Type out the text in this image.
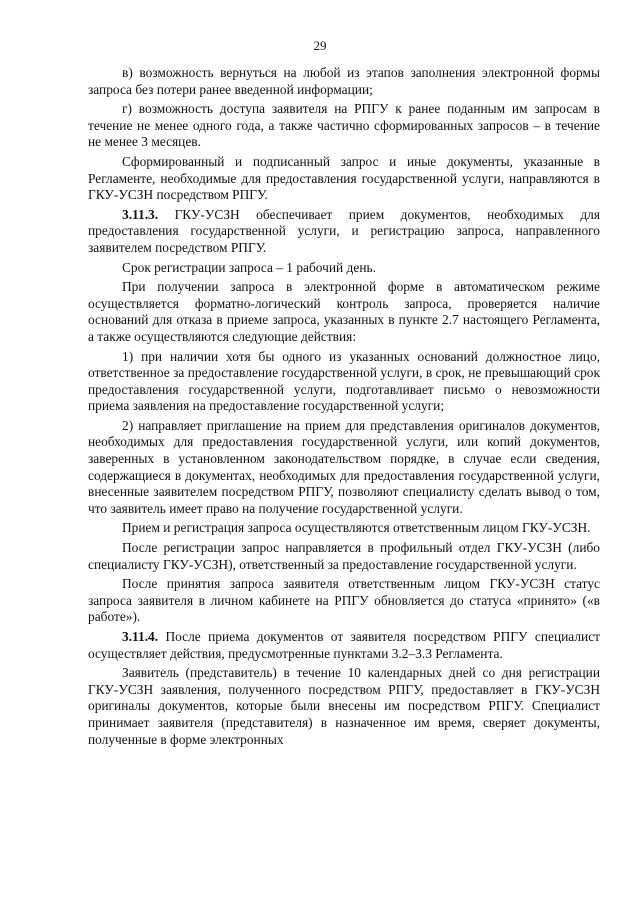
29

в) возможность вернуться на любой из этапов заполнения электронной формы запроса без потери ранее введенной информации;

г) возможность доступа заявителя на РПГУ к ранее поданным им запросам в течение не менее одного года, а также частично сформированных запросов – в течение не менее 3 месяцев.

Сформированный и подписанный запрос и иные документы, указанные в Регламенте, необходимые для предоставления государственной услуги, направляются в ГКУ-УСЗН посредством РПГУ.

3.11.3. ГКУ-УСЗН обеспечивает прием документов, необходимых для предоставления государственной услуги, и регистрацию запроса, направленного заявителем посредством РПГУ.

Срок регистрации запроса – 1 рабочий день.

При получении запроса в электронной форме в автоматическом режиме осуществляется форматно-логический контроль запроса, проверяется наличие оснований для отказа в приеме запроса, указанных в пункте 2.7 настоящего Регламента, а также осуществляются следующие действия:

1) при наличии хотя бы одного из указанных оснований должностное лицо, ответственное за предоставление государственной услуги, в срок, не превышающий срок предоставления государственной услуги, подготавливает письмо о невозможности приема заявления на предоставление государственной услуги;

2) направляет приглашение на прием для представления оригиналов документов, необходимых для предоставления государственной услуги, или копий документов, заверенных в установленном законодательством порядке, в случае если сведения, содержащиеся в документах, необходимых для предоставления государственной услуги, внесенные заявителем посредством РПГУ, позволяют специалисту сделать вывод о том, что заявитель имеет право на получение государственной услуги.

Прием и регистрация запроса осуществляются ответственным лицом ГКУ-УСЗН.

После регистрации запрос направляется в профильный отдел ГКУ-УСЗН (либо специалисту ГКУ-УСЗН), ответственный за предоставление государственной услуги.

После принятия запроса заявителя ответственным лицом ГКУ-УСЗН статус запроса заявителя в личном кабинете на РПГУ обновляется до статуса «принято» («в работе»).

3.11.4. После приема документов от заявителя посредством РПГУ специалист осуществляет действия, предусмотренные пунктами 3.2–3.3 Регламента.

Заявитель (представитель) в течение 10 календарных дней со дня регистрации ГКУ-УСЗН заявления, полученного посредством РПГУ, предоставляет в ГКУ-УСЗН оригиналы документов, которые были внесены им посредством РПГУ. Специалист принимает заявителя (представителя) в назначенное им время, сверяет документы, полученные в форме электронных
